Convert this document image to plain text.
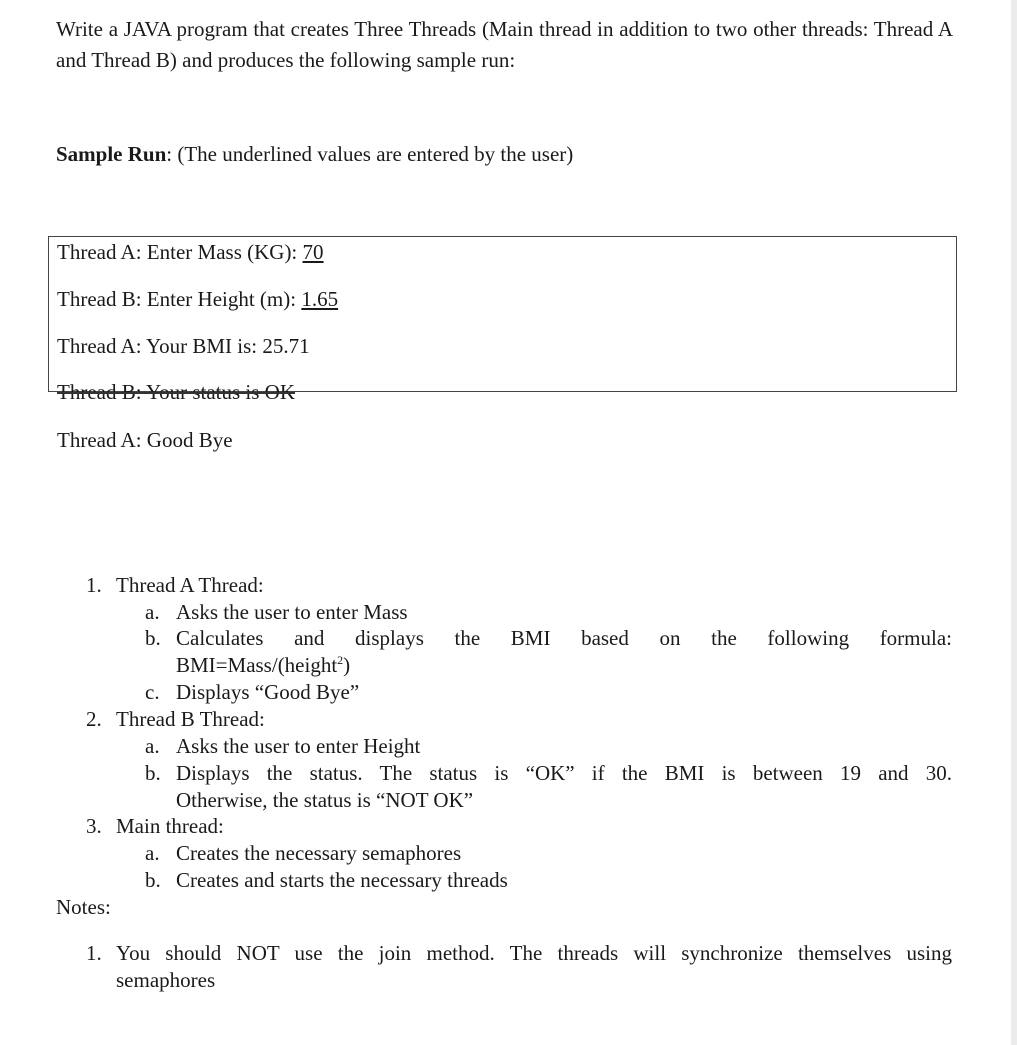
Write a JAVA program that creates Three Threads (Main thread in addition to two other threads: Thread A and Thread B) and produces the following sample run:
Sample Run: (The underlined values are entered by the user)
Thread A: Enter Mass (KG): 70
Thread B: Enter Height (m): 1.65
Thread A: Your BMI is: 25.71
Thread B: Your status is OK
Thread A: Good Bye
1. Thread A Thread:
a. Asks the user to enter Mass
b. Calculates and displays the BMI based on the following formula:
BMI=Mass/(height$^2$)
c. Displays “Good Bye”
2. Thread B Thread:
a. Asks the user to enter Height
b. Displays the status. The status is “OK” if the BMI is between 19 and 30.
Otherwise, the status is “NOT OK”
3. Main thread:
a. Creates the necessary semaphores
b. Creates and starts the necessary threads
Notes:
1. You should NOT use the join method. The threads will synchronize themselves using
semaphores
